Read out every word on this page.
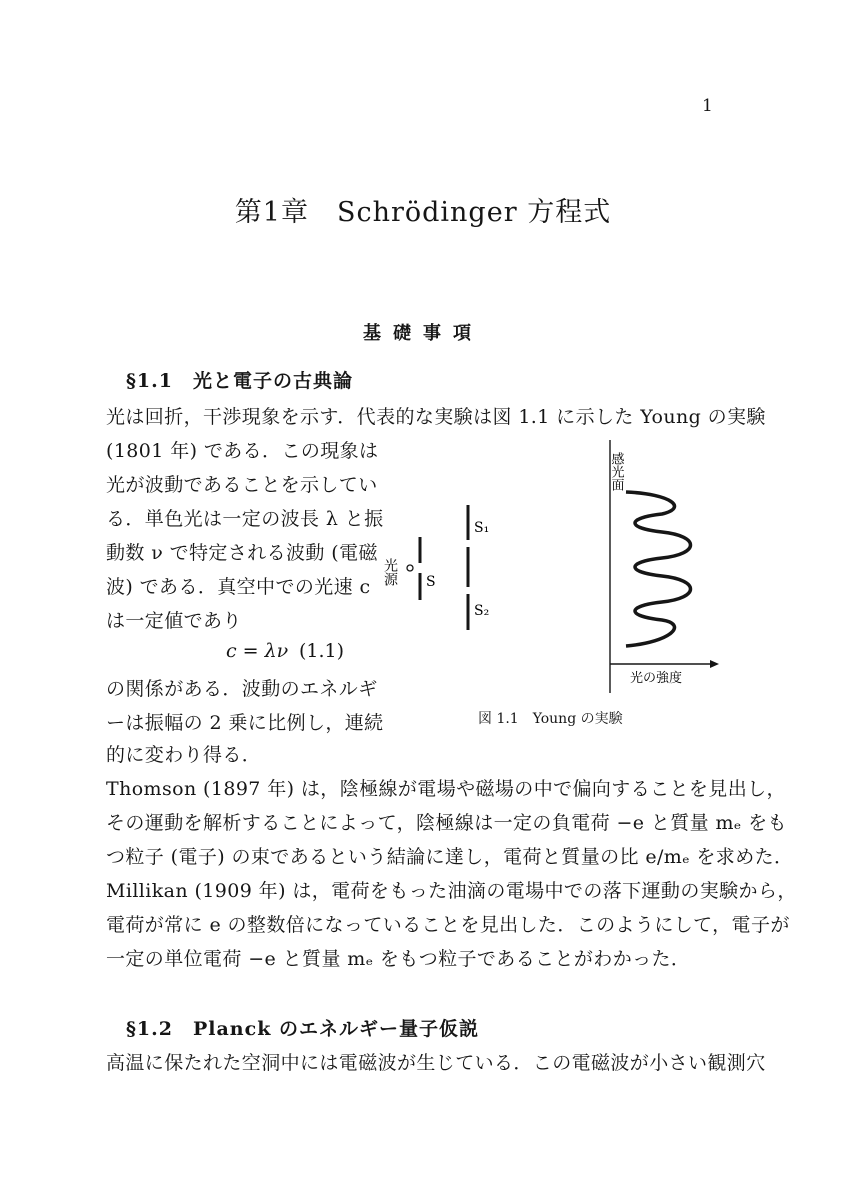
1
第1章　Schrödinger 方程式
基礎事項
§1.1　光と電子の古典論
光は回折，干渉現象を示す．代表的な実験は図 1.1 に示した Young の実験
(1801 年) である．この現象は
光が波動であることを示してい
る．単色光は一定の波長 λ と振
動数 ν で特定される波動 (電磁
波) である．真空中での光速 c
は一定値であり
c = λν (1.1)
の関係がある．波動のエネルギ
ーは振幅の 2 乗に比例し，連続
的に変わり得る．
光源 S
S₁
S₂
感光面
光の強度
図 1.1　Young の実験
Thomson (1897 年) は，陰極線が電場や磁場の中で偏向することを見出し，
その運動を解析することによって，陰極線は一定の負電荷 −e と質量 mₑ をも
つ粒子 (電子) の束であるという結論に達し，電荷と質量の比 e/mₑ を求めた．
Millikan (1909 年) は，電荷をもった油滴の電場中での落下運動の実験から，
電荷が常に e の整数倍になっていることを見出した．このようにして，電子が
一定の単位電荷 −e と質量 mₑ をもつ粒子であることがわかった．
§1.2　Planck のエネルギー量子仮説
高温に保たれた空洞中には電磁波が生じている．この電磁波が小さい観測穴
